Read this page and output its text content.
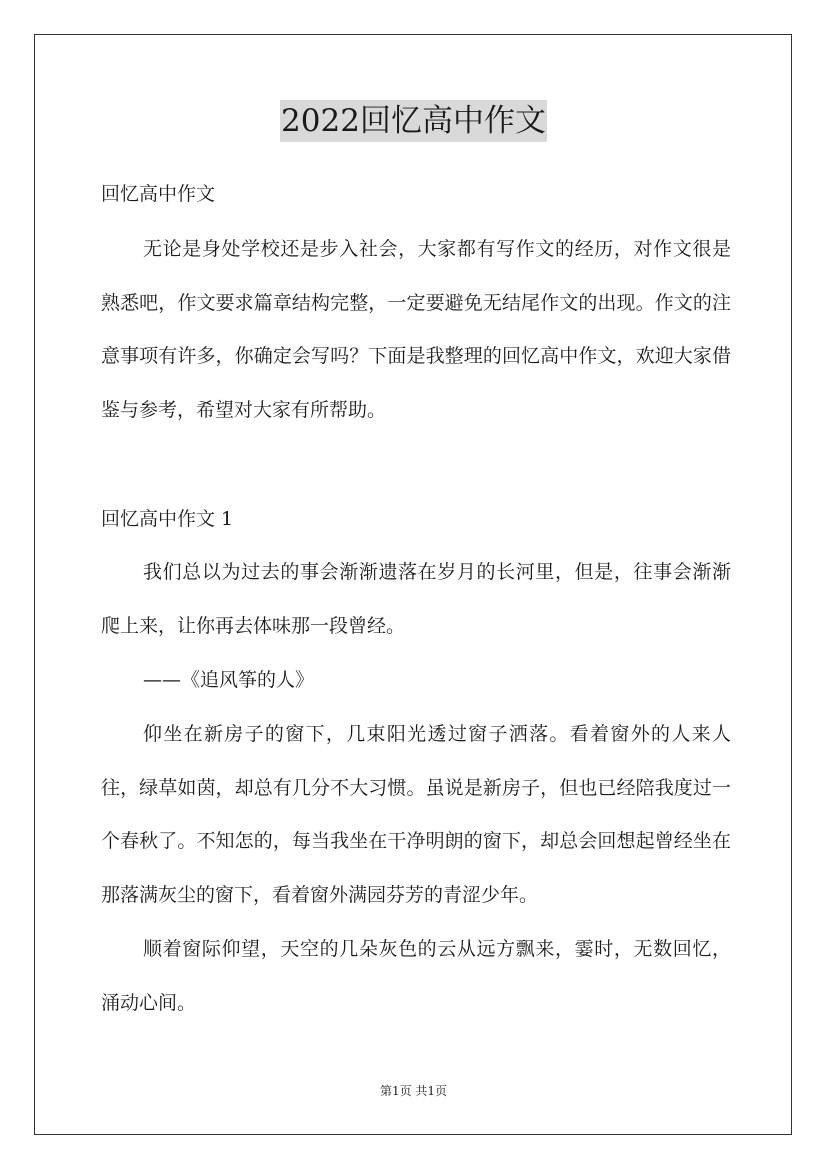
2022回忆高中作文

回忆高中作文

无论是身处学校还是步入社会，大家都有写作文的经历，对作文很是熟悉吧，作文要求篇章结构完整，一定要避免无结尾作文的出现。作文的注意事项有许多，你确定会写吗？下面是我整理的回忆高中作文，欢迎大家借鉴与参考，希望对大家有所帮助。

回忆高中作文 1

我们总以为过去的事会渐渐遗落在岁月的长河里，但是，往事会渐渐爬上来，让你再去体味那一段曾经。

——《追风筝的人》

仰坐在新房子的窗下，几束阳光透过窗子洒落。看着窗外的人来人往，绿草如茵，却总有几分不大习惯。虽说是新房子，但也已经陪我度过一个春秋了。不知怎的，每当我坐在干净明朗的窗下，却总会回想起曾经坐在那落满灰尘的窗下，看着窗外满园芬芳的青涩少年。

顺着窗际仰望，天空的几朵灰色的云从远方飘来，霎时，无数回忆，涌动心间。

第1页 共1页
